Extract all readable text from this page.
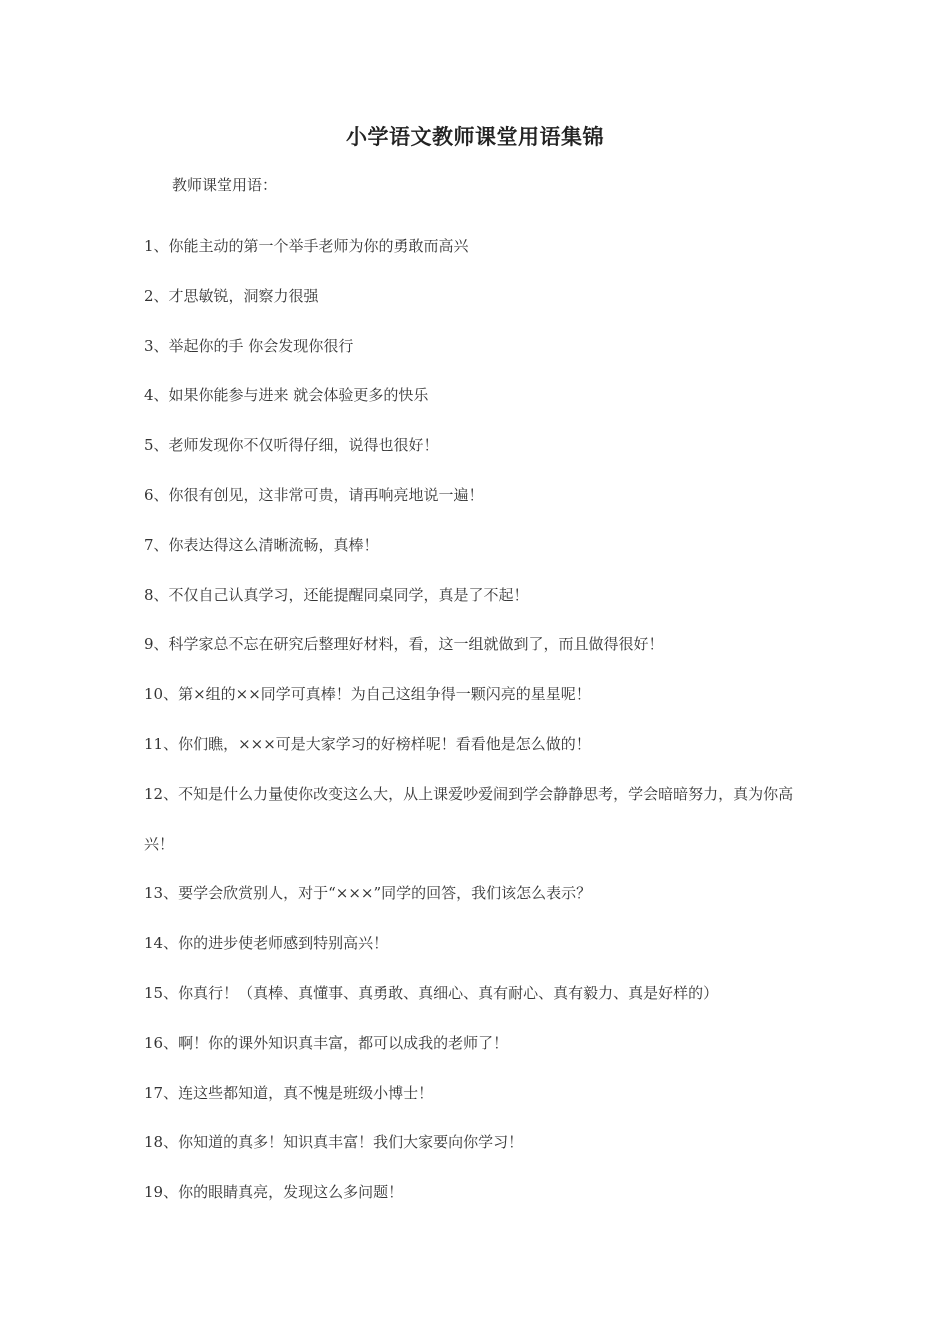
小学语文教师课堂用语集锦
教师课堂用语：

1、你能主动的第一个举手老师为你的勇敢而高兴

2、才思敏锐，洞察力很强

3、举起你的手 你会发现你很行

4、如果你能参与进来 就会体验更多的快乐

5、老师发现你不仅听得仔细，说得也很好！

6、你很有创见，这非常可贵，请再响亮地说一遍！

7、你表达得这么清晰流畅，真棒！

8、不仅自己认真学习，还能提醒同桌同学，真是了不起！

9、科学家总不忘在研究后整理好材料，看，这一组就做到了，而且做得很好！

10、第×组的××同学可真棒！为自己这组争得一颗闪亮的星星呢！

11、你们瞧，×××可是大家学习的好榜样呢！看看他是怎么做的！

12、不知是什么力量使你改变这么大，从上课爱吵爱闹到学会静静思考，学会暗暗努力，真为你高兴！

13、要学会欣赏别人，对于“×××”同学的回答，我们该怎么表示？

14、你的进步使老师感到特别高兴！

15、你真行！（真棒、真懂事、真勇敢、真细心、真有耐心、真有毅力、真是好样的）

16、啊！你的课外知识真丰富，都可以成我的老师了！

17、连这些都知道，真不愧是班级小博士！

18、你知道的真多！知识真丰富！我们大家要向你学习！

19、你的眼睛真亮，发现这么多问题！
